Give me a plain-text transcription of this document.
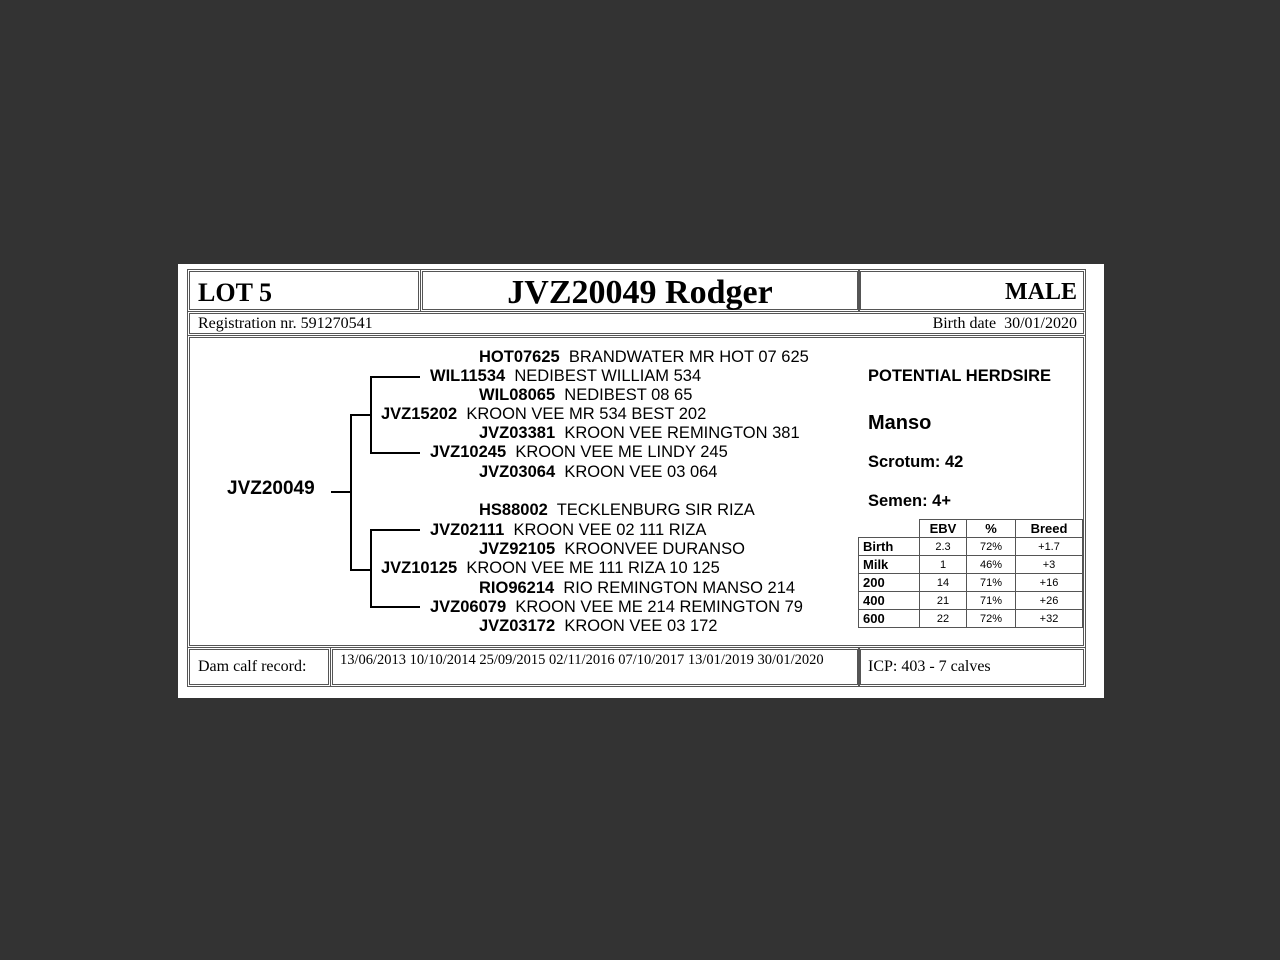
LOT 5	JVZ20049 Rodger	MALE
Registration nr. 591270541	Birth date 30/01/2020
JVZ20049
HOT07625 BRANDWATER MR HOT 07 625
WIL11534 NEDIBEST WILLIAM 534
WIL08065 NEDIBEST 08 65
JVZ15202 KROON VEE MR 534 BEST 202
JVZ03381 KROON VEE REMINGTON 381
JVZ10245 KROON VEE ME LINDY 245
JVZ03064 KROON VEE 03 064
HS88002 TECKLENBURG SIR RIZA
JVZ02111 KROON VEE 02 111 RIZA
JVZ92105 KROONVEE DURANSO
JVZ10125 KROON VEE ME 111 RIZA 10 125
RIO96214 RIO REMINGTON MANSO 214
JVZ06079 KROON VEE ME 214 REMINGTON 79
JVZ03172 KROON VEE 03 172
POTENTIAL HERDSIRE
Manso
Scrotum: 42
Semen: 4+
	EBV	%	Breed
Birth	2.3	72%	+1.7
Milk	1	46%	+3
200	14	71%	+16
400	21	71%	+26
600	22	72%	+32
Dam calf record: 13/06/2013 10/10/2014 25/09/2015 02/11/2016 07/10/2017 13/01/2019 30/01/2020	ICP: 403 - 7 calves
